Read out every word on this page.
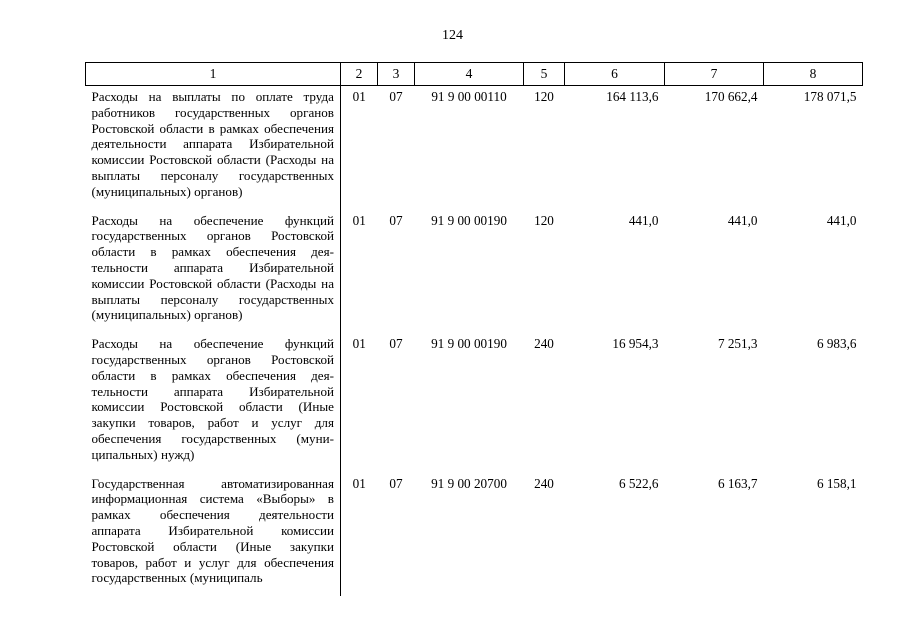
124
1	2	3	4	5	6	7	8
Расходы на выплаты по оплате труда работников государственных органов Ростовской области в рамках обеспечения деятельности аппарата Избирательной комиссии Ростовской области (Расходы на выплаты персоналу государственных (муниципальных) органов)	01	07	91 9 00 00110	120	164 113,6	170 662,4	178 071,5
Расходы на обеспечение функций государственных органов Ростовской области в рамках обеспечения деятельности аппарата Избирательной комиссии Ростовской области (Расходы на выплаты персоналу государственных (муниципальных) органов)	01	07	91 9 00 00190	120	441,0	441,0	441,0
Расходы на обеспечение функций государственных органов Ростовской области в рамках обеспечения деятельности аппарата Избирательной комиссии Ростовской области (Иные закупки товаров, работ и услуг для обеспечения государственных (муниципальных) нужд)	01	07	91 9 00 00190	240	16 954,3	7 251,3	6 983,6
Государственная автоматизированная информационная система «Выборы» в рамках обеспечения деятельности аппарата Избирательной комиссии Ростовской области (Иные закупки товаров, работ и услуг для обеспечения государственных (муниципаль	01	07	91 9 00 20700	240	6 522,6	6 163,7	6 158,1
